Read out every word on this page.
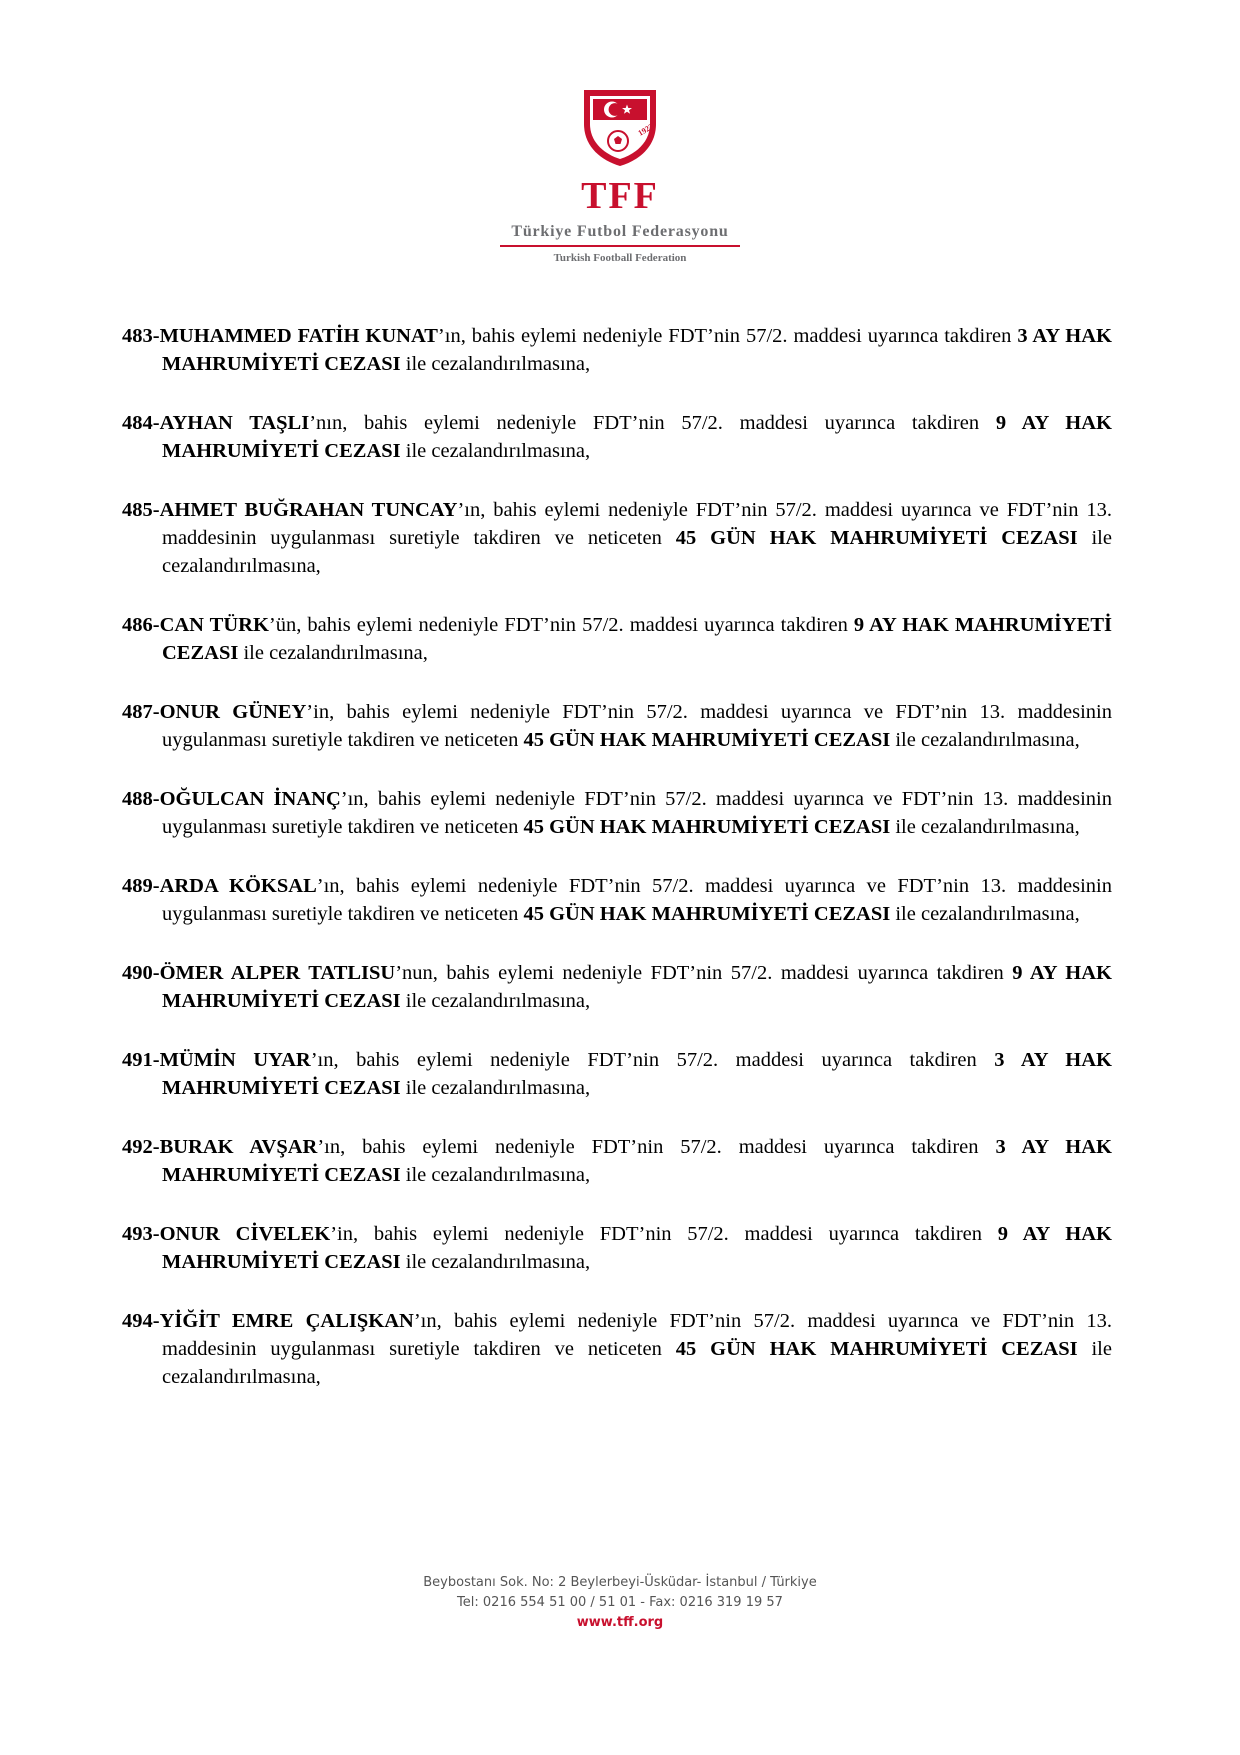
1923
TFF
Türkiye Futbol Federasyonu
Turkish Football Federation

483-MUHAMMED FATİH KUNAT’ın, bahis eylemi nedeniyle FDT’nin 57/2. maddesi uyarınca takdiren 3 AY HAK MAHRUMİYETİ CEZASI ile cezalandırılmasına,

484-AYHAN TAŞLI’nın, bahis eylemi nedeniyle FDT’nin 57/2. maddesi uyarınca takdiren 9 AY HAK MAHRUMİYETİ CEZASI ile cezalandırılmasına,

485-AHMET BUĞRAHAN TUNCAY’ın, bahis eylemi nedeniyle FDT’nin 57/2. maddesi uyarınca ve FDT’nin 13. maddesinin uygulanması suretiyle takdiren ve neticeten 45 GÜN HAK MAHRUMİYETİ CEZASI ile cezalandırılmasına,

486-CAN TÜRK’ün, bahis eylemi nedeniyle FDT’nin 57/2. maddesi uyarınca takdiren 9 AY HAK MAHRUMİYETİ CEZASI ile cezalandırılmasına,

487-ONUR GÜNEY’in, bahis eylemi nedeniyle FDT’nin 57/2. maddesi uyarınca ve FDT’nin 13. maddesinin uygulanması suretiyle takdiren ve neticeten 45 GÜN HAK MAHRUMİYETİ CEZASI ile cezalandırılmasına,

488-OĞULCAN İNANÇ’ın, bahis eylemi nedeniyle FDT’nin 57/2. maddesi uyarınca ve FDT’nin 13. maddesinin uygulanması suretiyle takdiren ve neticeten 45 GÜN HAK MAHRUMİYETİ CEZASI ile cezalandırılmasına,

489-ARDA KÖKSAL’ın, bahis eylemi nedeniyle FDT’nin 57/2. maddesi uyarınca ve FDT’nin 13. maddesinin uygulanması suretiyle takdiren ve neticeten 45 GÜN HAK MAHRUMİYETİ CEZASI ile cezalandırılmasına,

490-ÖMER ALPER TATLISU’nun, bahis eylemi nedeniyle FDT’nin 57/2. maddesi uyarınca takdiren 9 AY HAK MAHRUMİYETİ CEZASI ile cezalandırılmasına,

491-MÜMİN UYAR’ın, bahis eylemi nedeniyle FDT’nin 57/2. maddesi uyarınca takdiren 3 AY HAK MAHRUMİYETİ CEZASI ile cezalandırılmasına,

492-BURAK AVŞAR’ın, bahis eylemi nedeniyle FDT’nin 57/2. maddesi uyarınca takdiren 3 AY HAK MAHRUMİYETİ CEZASI ile cezalandırılmasına,

493-ONUR CİVELEK’in, bahis eylemi nedeniyle FDT’nin 57/2. maddesi uyarınca takdiren 9 AY HAK MAHRUMİYETİ CEZASI ile cezalandırılmasına,

494-YİĞİT EMRE ÇALIŞKAN’ın, bahis eylemi nedeniyle FDT’nin 57/2. maddesi uyarınca ve FDT’nin 13. maddesinin uygulanması suretiyle takdiren ve neticeten 45 GÜN HAK MAHRUMİYETİ CEZASI ile cezalandırılmasına,

Beybostanı Sok. No: 2 Beylerbeyi-Üsküdar- İstanbul / Türkiye
Tel: 0216 554 51 00 / 51 01 - Fax: 0216 319 19 57
www.tff.org
